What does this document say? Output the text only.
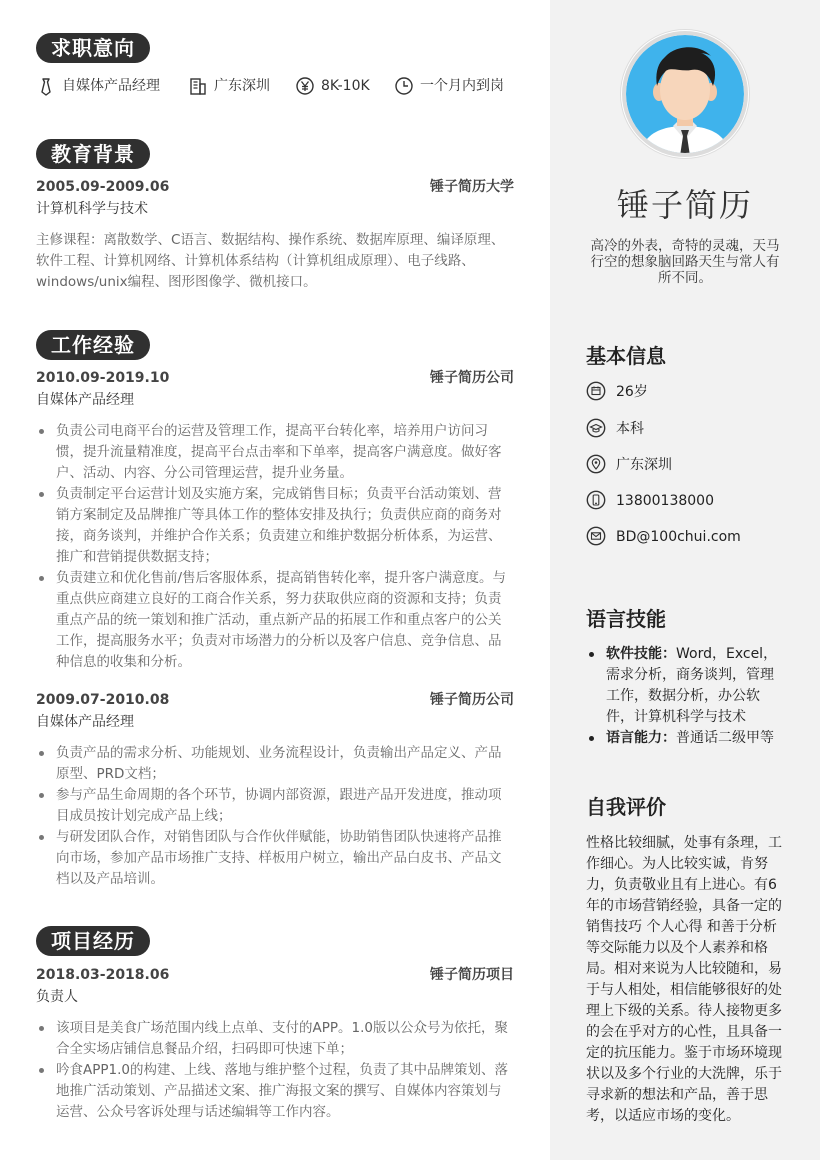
求职意向
自媒体产品经理	广东深圳	8K-10K	一个月内到岗
教育背景
2005.09-2009.06	锤子简历大学
计算机科学与技术
主修课程：离散数学、C语言、数据结构、操作系统、数据库原理、编译原理、软件工程、计算机网络、计算机体系结构（计算机组成原理）、电子线路、windows/unix编程、图形图像学、微机接口。
工作经验
2010.09-2019.10	锤子简历公司
自媒体产品经理
负责公司电商平台的运营及管理工作，提高平台转化率，培养用户访问习惯，提升流量精准度，提高平台点击率和下单率，提高客户满意度。做好客户、活动、内容、分公司管理运营，提升业务量。
负责制定平台运营计划及实施方案，完成销售目标；负责平台活动策划、营销方案制定及品牌推广等具体工作的整体安排及执行；负责供应商的商务对接，商务谈判，并维护合作关系；负责建立和维护数据分析体系，为运营、推广和营销提供数据支持；
负责建立和优化售前/售后客服体系，提高销售转化率，提升客户满意度。与重点供应商建立良好的工商合作关系，努力获取供应商的资源和支持；负责重点产品的统一策划和推广活动，重点新产品的拓展工作和重点客户的公关工作，提高服务水平；负责对市场潜力的分析以及客户信息、竞争信息、品种信息的收集和分析。
2009.07-2010.08	锤子简历公司
自媒体产品经理
负责产品的需求分析、功能规划、业务流程设计，负责输出产品定义、产品原型、PRD文档；
参与产品生命周期的各个环节，协调内部资源，跟进产品开发进度，推动项目成员按计划完成产品上线；
与研发团队合作，对销售团队与合作伙伴赋能，协助销售团队快速将产品推向市场，参加产品市场推广支持、样板用户树立，输出产品白皮书、产品文档以及产品培训。
项目经历
2018.03-2018.06	锤子简历项目
负责人
该项目是美食广场范围内线上点单、支付的APP。1.0版以公众号为依托，聚合全实场店铺信息餐品介绍，扫码即可快速下单；
吟食APP1.0的构建、上线、落地与维护整个过程，负责了其中品牌策划、落地推广活动策划、产品描述文案、推广海报文案的撰写、自媒体内容策划与运营、公众号客诉处理与话述编辑等工作内容。
锤子简历
高冷的外表，奇特的灵魂，天马行空的想象脑回路天生与常人有所不同。
基本信息
26岁
本科
广东深圳
13800138000
BD@100chui.com
语言技能
软件技能：Word，Excel，需求分析，商务谈判，管理工作，数据分析，办公软件，计算机科学与技术
语言能力：普通话二级甲等
自我评价
性格比较细腻，处事有条理，工作细心。为人比较实诚，肯努力，负责敬业且有上进心。有6年的市场营销经验，具备一定的销售技巧 个人心得 和善于分析等交际能力以及个人素养和格局。相对来说为人比较随和，易于与人相处，相信能够很好的处理上下级的关系。待人接物更多的会在乎对方的心性，且具备一定的抗压能力。鉴于市场环境现状以及多个行业的大洗牌，乐于寻求新的想法和产品，善于思考，以适应市场的变化。
